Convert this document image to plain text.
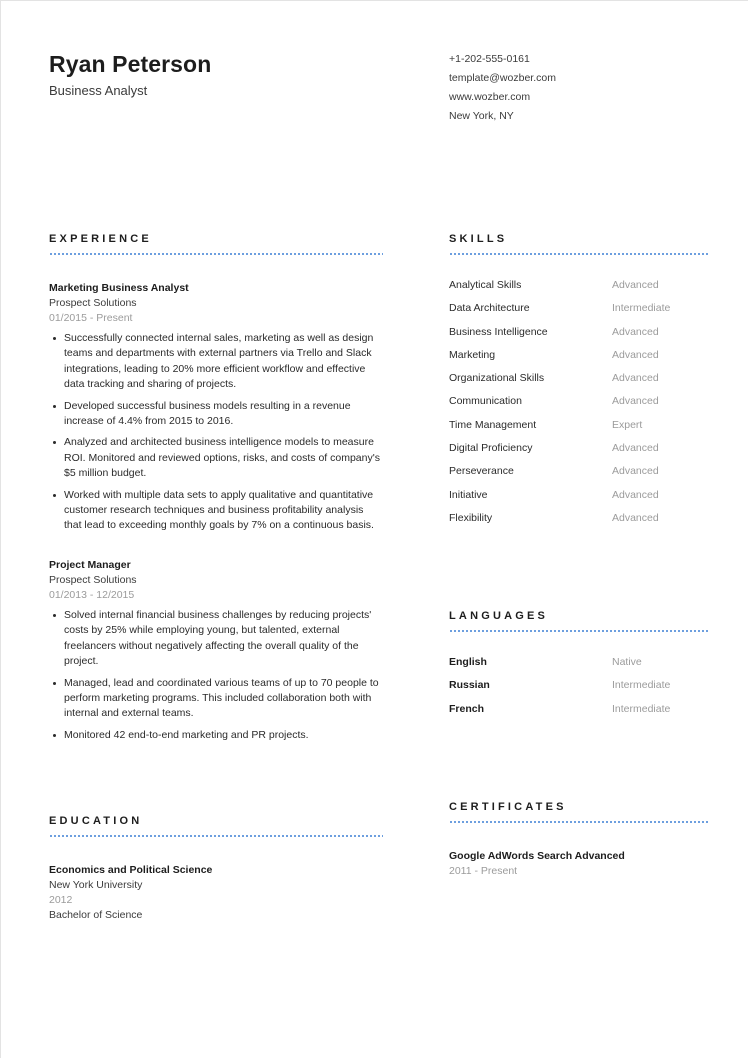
Ryan Peterson
Business Analyst
+1-202-555-0161
template@wozber.com
www.wozber.com
New York, NY
EXPERIENCE
Marketing Business Analyst
Prospect Solutions
01/2015 - Present
Successfully connected internal sales, marketing as well as design teams and departments with external partners via Trello and Slack integrations, leading to 20% more efficient workflow and effective data tracking and sharing of projects.
Developed successful business models resulting in a revenue increase of 4.4% from 2015 to 2016.
Analyzed and architected business intelligence models to measure ROI. Monitored and reviewed options, risks, and costs of company's $5 million budget.
Worked with multiple data sets to apply qualitative and quantitative customer research techniques and business profitability analysis that lead to exceeding monthly goals by 7% on a continuous basis.
Project Manager
Prospect Solutions
01/2013 - 12/2015
Solved internal financial business challenges by reducing projects' costs by 25% while employing young, but talented, external freelancers without negatively affecting the overall quality of the project.
Managed, lead and coordinated various teams of up to 70 people to perform marketing programs. This included collaboration both with internal and external teams.
Monitored 42 end-to-end marketing and PR projects.
EDUCATION
Economics and Political Science
New York University
2012
Bachelor of Science
SKILLS
Analytical Skills	Advanced
Data Architecture	Intermediate
Business Intelligence	Advanced
Marketing	Advanced
Organizational Skills	Advanced
Communication	Advanced
Time Management	Expert
Digital Proficiency	Advanced
Perseverance	Advanced
Initiative	Advanced
Flexibility	Advanced
LANGUAGES
English	Native
Russian	Intermediate
French	Intermediate
CERTIFICATES
Google AdWords Search Advanced
2011 - Present
